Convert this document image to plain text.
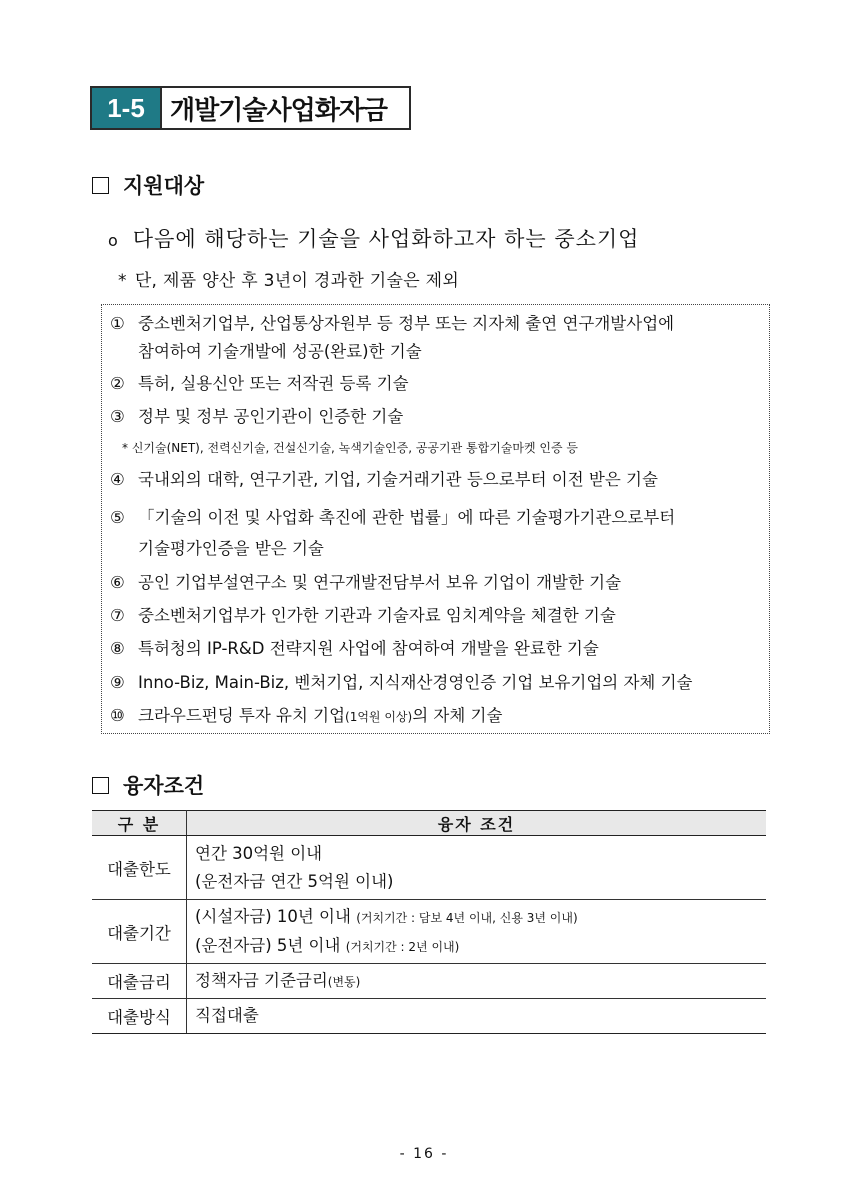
1-5 개발기술사업화자금
지원대상
o 다음에 해당하는 기술을 사업화하고자 하는 중소기업
* 단, 제품 양산 후 3년이 경과한 기술은 제외
① 중소벤처기업부, 산업통상자원부 등 정부 또는 지자체 출연 연구개발사업에
참여하여 기술개발에 성공(완료)한 기술
② 특허, 실용신안 또는 저작권 등록 기술
③ 정부 및 정부 공인기관이 인증한 기술
* 신기술(NET), 전력신기술, 건설신기술, 녹색기술인증, 공공기관 통합기술마켓 인증 등
④ 국내외의 대학, 연구기관, 기업, 기술거래기관 등으로부터 이전 받은 기술
⑤ 「기술의 이전 및 사업화 촉진에 관한 법률」에 따른 기술평가기관으로부터
기술평가인증을 받은 기술
⑥ 공인 기업부설연구소 및 연구개발전담부서 보유 기업이 개발한 기술
⑦ 중소벤처기업부가 인가한 기관과 기술자료 임치계약을 체결한 기술
⑧ 특허청의 IP-R&D 전략지원 사업에 참여하여 개발을 완료한 기술
⑨ Inno-Biz, Main-Biz, 벤처기업, 지식재산경영인증 기업 보유기업의 자체 기술
⑩ 크라우드펀딩 투자 유치 기업(1억원 이상)의 자체 기술
융자조건
구 분	융자 조건
대출한도	연간 30억원 이내
(운전자금 연간 5억원 이내)

대출기간	(시설자금) 10년 이내 (거치기간 : 담보 4년 이내, 신용 3년 이내)
(운전자금) 5년 이내 (거치기간 : 2년 이내)

대출금리	정책자금 기준금리(변동)

대출방식	직접대출
- 16 -
